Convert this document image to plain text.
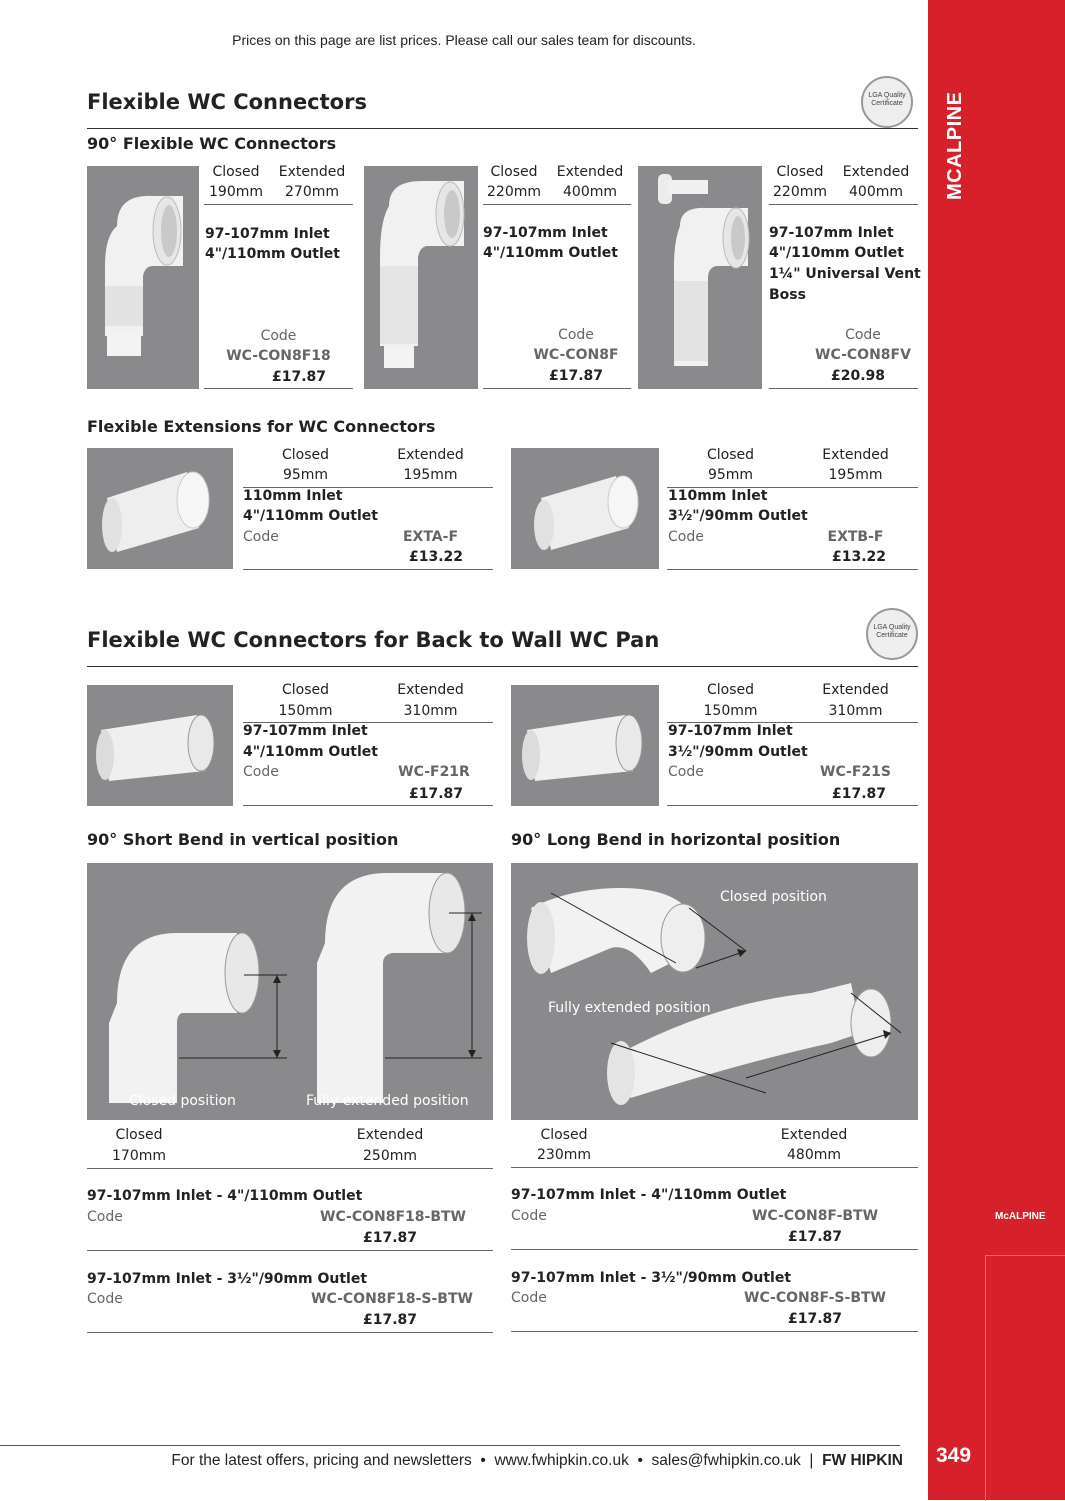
MCALPINE
McALPINE
349
Prices on this page are list prices. Please call our sales team for discounts.
Flexible WC Connectors	LGA Quality Certificate
90° Flexible WC Connectors
Closed	Extended
190mm	270mm
97-107mm Inlet
4"/110mm Outlet
Code
WC-CON8F18
£17.87
Closed	Extended
220mm	400mm
97-107mm Inlet
4"/110mm Outlet
Code
WC-CON8F
£17.87
Closed	Extended
220mm	400mm
97-107mm Inlet
4"/110mm Outlet
1¼" Universal Vent
Boss
Code
WC-CON8FV
£20.98
Flexible Extensions for WC Connectors
Closed	Extended
95mm	195mm
110mm Inlet
4"/110mm Outlet
Code	EXTA-F
£13.22
Closed	Extended
95mm	195mm
110mm Inlet
3½"/90mm Outlet
Code	EXTB-F
£13.22
Flexible WC Connectors for Back to Wall WC Pan
LGA Quality Certificate
Closed	Extended
150mm	310mm
97-107mm Inlet
4"/110mm Outlet
Code	WC-F21R
£17.87
Closed	Extended
150mm	310mm
97-107mm Inlet
3½"/90mm Outlet
Code	WC-F21S
£17.87
90° Short Bend in vertical position
Closed position	Fully extended position
Closed	Extended
170mm	250mm
97-107mm Inlet - 4"/110mm Outlet
Code	WC-CON8F18-BTW
£17.87
97-107mm Inlet - 3½"/90mm Outlet
Code	WC-CON8F18-S-BTW
£17.87
90° Long Bend in horizontal position
Closed position
Fully extended position
Closed	Extended
230mm	480mm
97-107mm Inlet - 4"/110mm Outlet
Code	WC-CON8F-BTW
£17.87
97-107mm Inlet - 3½"/90mm Outlet
Code	WC-CON8F-S-BTW
£17.87
For the latest offers, pricing and newsletters  •  www.fwhipkin.co.uk  •  sales@fwhipkin.co.uk  |  FW HIPKIN
